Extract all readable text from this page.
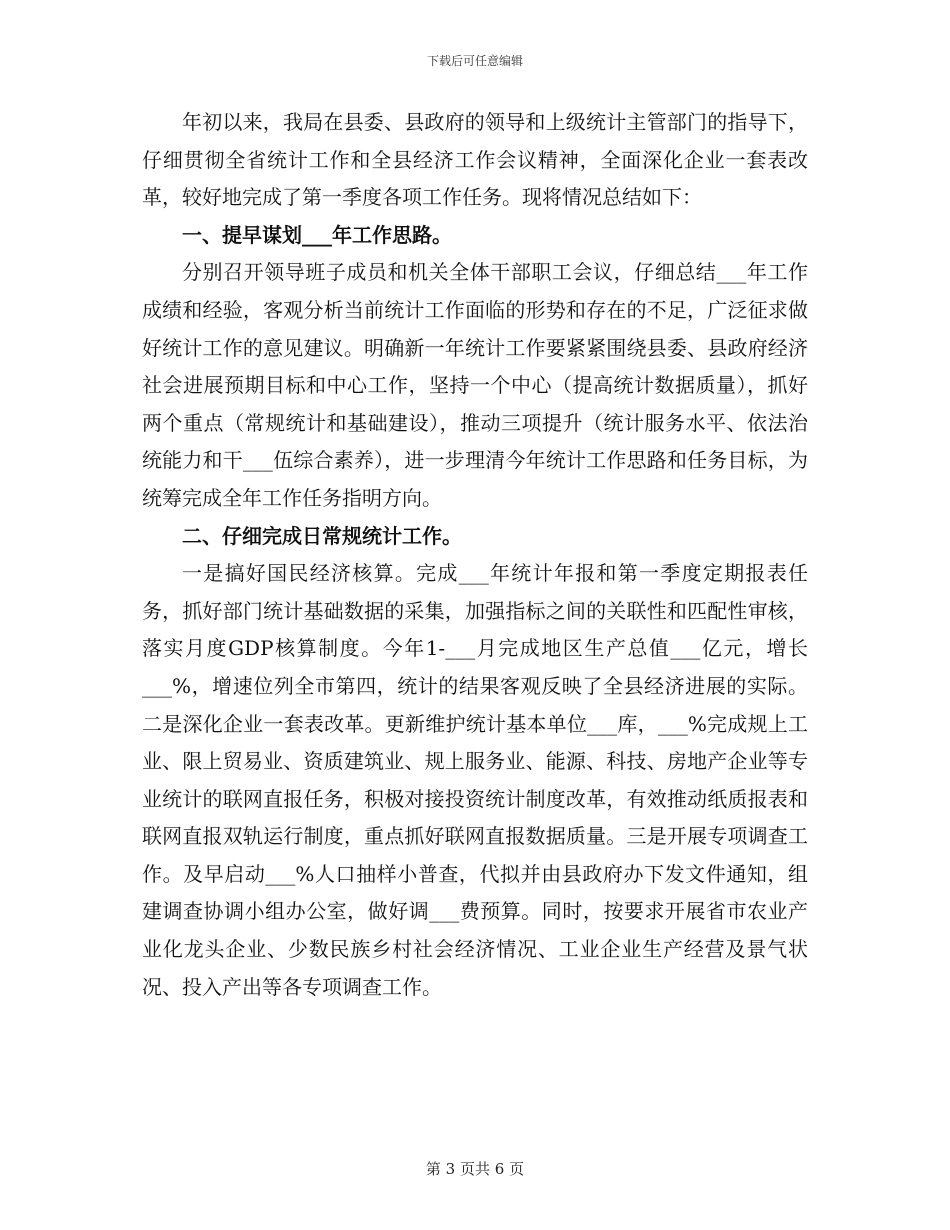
下载后可任意编辑

年初以来，我局在县委、县政府的领导和上级统计主管部门的指导下，仔细贯彻全省统计工作和全县经济工作会议精神，全面深化企业一套表改革，较好地完成了第一季度各项工作任务。现将情况总结如下：

一、提早谋划___年工作思路。

分别召开领导班子成员和机关全体干部职工会议，仔细总结___年工作成绩和经验，客观分析当前统计工作面临的形势和存在的不足，广泛征求做好统计工作的意见建议。明确新一年统计工作要紧紧围绕县委、县政府经济社会进展预期目标和中心工作，坚持一个中心（提高统计数据质量），抓好两个重点（常规统计和基础建设），推动三项提升（统计服务水平、依法治统能力和干___伍综合素养），进一步理清今年统计工作思路和任务目标，为统筹完成全年工作任务指明方向。

二、仔细完成日常规统计工作。

一是搞好国民经济核算。完成___年统计年报和第一季度定期报表任务，抓好部门统计基础数据的采集，加强指标之间的关联性和匹配性审核，落实月度GDP核算制度。今年1-___月完成地区生产总值___亿元，增长___%，增速位列全市第四，统计的结果客观反映了全县经济进展的实际。二是深化企业一套表改革。更新维护统计基本单位___库，___%完成规上工业、限上贸易业、资质建筑业、规上服务业、能源、科技、房地产企业等专业统计的联网直报任务，积极对接投资统计制度改革，有效推动纸质报表和联网直报双轨运行制度，重点抓好联网直报数据质量。三是开展专项调查工作。及早启动___%人口抽样小普查，代拟并由县政府办下发文件通知，组建调查协调小组办公室，做好调___费预算。同时，按要求开展省市农业产业化龙头企业、少数民族乡村社会经济情况、工业企业生产经营及景气状况、投入产出等各专项调查工作。

第 3 页共 6 页
